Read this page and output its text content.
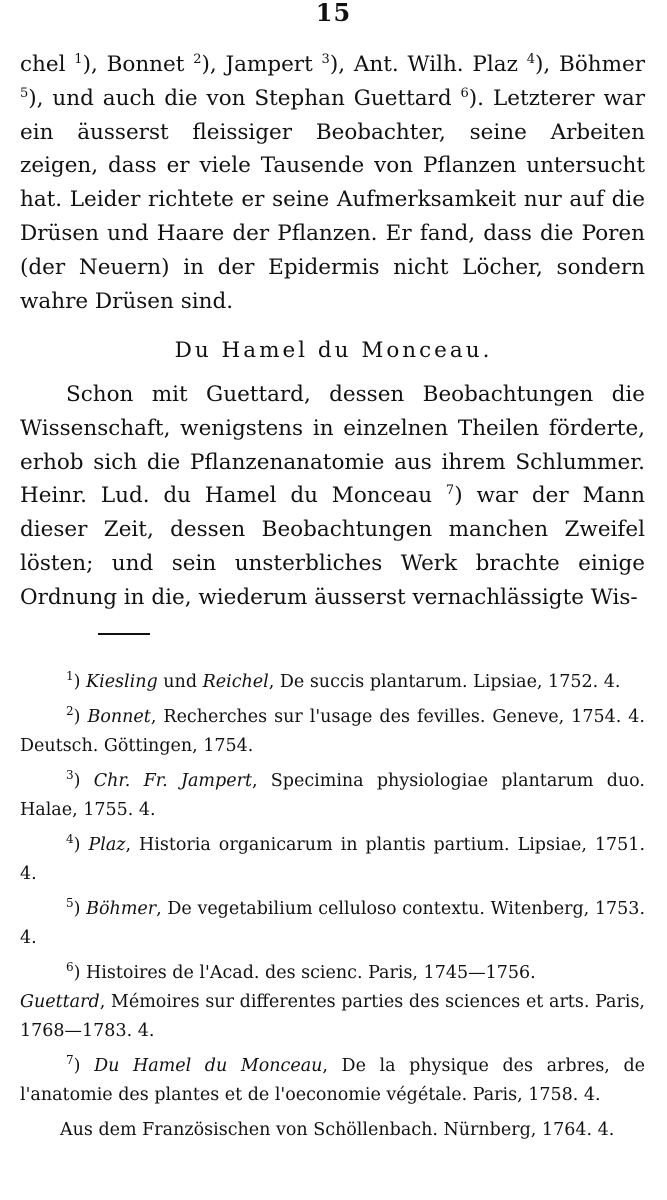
15
chel $^1$), Bonnet $^2$), Jampert $^3$), Ant. Wilh. Plaz $^4$), Böhmer $^5$), und auch die von Stephan Guettard $^6$). Letzterer war ein äusserst fleissiger Beobachter, seine Arbeiten zeigen, dass er viele Tausende von Pflanzen untersucht hat. Leider richtete er seine Aufmerksamkeit nur auf die Drüsen und Haare der Pflanzen. Er fand, dass die Poren (der Neuern) in der Epidermis nicht Löcher, sondern wahre Drüsen sind.
Du Hamel du Monceau.
Schon mit Guettard, dessen Beobachtungen die Wissenschaft, wenigstens in einzelnen Theilen förderte, erhob sich die Pflanzenanatomie aus ihrem Schlummer. Heinr. Lud. du Hamel du Monceau $^7$) war der Mann dieser Zeit, dessen Beobachtungen manchen Zweifel lösten; und sein unsterbliches Werk brachte einige Ordnung in die, wiederum äusserst vernachlässigte Wis-

$^1$) Kiesling und Reichel, De succis plantarum. Lipsiae, 1752. 4.

$^2$) Bonnet, Recherches sur l'usage des fevilles. Geneve, 1754. 4. Deutsch. Göttingen, 1754.

$^3$) Chr. Fr. Jampert, Specimina physiologiae plantarum duo. Halae, 1755. 4.

$^4$) Plaz, Historia organicarum in plantis partium. Lipsiae, 1751. 4.

$^5$) Böhmer, De vegetabilium celluloso contextu. Witenberg, 1753. 4.

$^6$) Histoires de l'Acad. des scienc. Paris, 1745—1756.
Guettard, Mémoires sur differentes parties des sciences et arts. Paris, 1768—1783. 4.

$^7$) Du Hamel du Monceau, De la physique des arbres, de l'anatomie des plantes et de l'oeconomie végétale. Paris, 1758. 4.

Aus dem Französischen von Schöllenbach. Nürnberg, 1764. 4.
